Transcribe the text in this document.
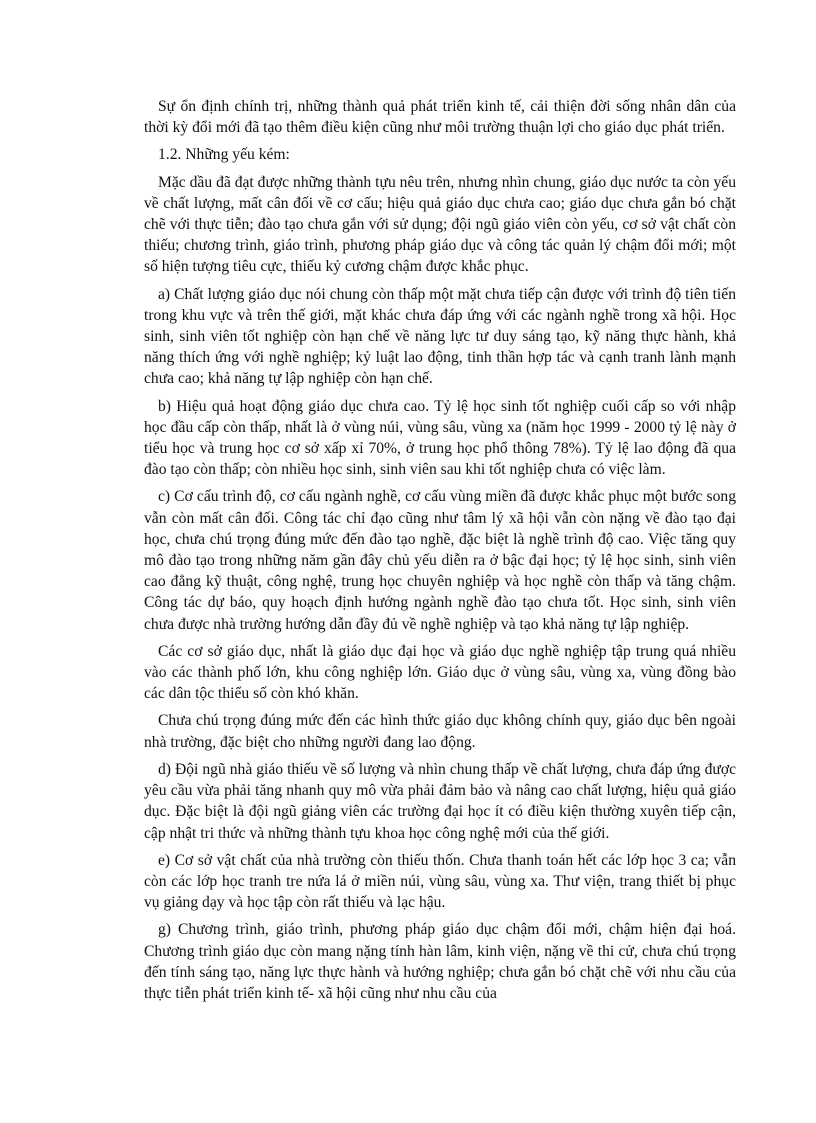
Sự ổn định chính trị, những thành quả phát triển kinh tế, cải thiện đời sống nhân dân của thời kỳ đổi mới đã tạo thêm điều kiện cũng như môi trường thuận lợi cho giáo dục phát triển.

1.2. Những yếu kém:

Mặc dầu đã đạt được những thành tựu nêu trên, nhưng nhìn chung, giáo dục nước ta còn yếu về chất lượng, mất cân đối về cơ cấu; hiệu quả giáo dục chưa cao; giáo dục chưa gắn bó chặt chẽ với thực tiễn; đào tạo chưa gắn với sử dụng; đội ngũ giáo viên còn yếu, cơ sở vật chất còn thiếu; chương trình, giáo trình, phương pháp giáo dục và công tác quản lý chậm đổi mới; một số hiện tượng tiêu cực, thiếu kỷ cương chậm được khắc phục.

a) Chất lượng giáo dục nói chung còn thấp một mặt chưa tiếp cận được với trình độ tiên tiến trong khu vực và trên thế giới, mặt khác chưa đáp ứng với các ngành nghề trong xã hội. Học sinh, sinh viên tốt nghiệp còn hạn chế về năng lực tư duy sáng tạo, kỹ năng thực hành, khả năng thích ứng với nghề nghiệp; kỷ luật lao động, tinh thần hợp tác và cạnh tranh lành mạnh chưa cao; khả năng tự lập nghiệp còn hạn chế.

b) Hiệu quả hoạt động giáo dục chưa cao. Tỷ lệ học sinh tốt nghiệp cuối cấp so với nhập học đầu cấp còn thấp, nhất là ở vùng núi, vùng sâu, vùng xa (năm học 1999 - 2000 tỷ lệ này ở tiểu học và trung học cơ sở xấp xỉ 70%, ở trung học phổ thông 78%). Tỷ lệ lao động đã qua đào tạo còn thấp; còn nhiều học sinh, sinh viên sau khi tốt nghiệp chưa có việc làm.

c) Cơ cấu trình độ, cơ cấu ngành nghề, cơ cấu vùng miền đã được khắc phục một bước song vẫn còn mất cân đối. Công tác chỉ đạo cũng như tâm lý xã hội vẫn còn nặng về đào tạo đại học, chưa chú trọng đúng mức đến đào tạo nghề, đặc biệt là nghề trình độ cao. Việc tăng quy mô đào tạo trong những năm gần đây chủ yếu diễn ra ở bậc đại học; tỷ lệ học sinh, sinh viên cao đẳng kỹ thuật, công nghệ, trung học chuyên nghiệp và học nghề còn thấp và tăng chậm. Công tác dự báo, quy hoạch định hướng ngành nghề đào tạo chưa tốt. Học sinh, sinh viên chưa được nhà trường hướng dẫn đầy đủ về nghề nghiệp và tạo khả năng tự lập nghiệp.

Các cơ sở giáo dục, nhất là giáo dục đại học và giáo dục nghề nghiệp tập trung quá nhiều vào các thành phố lớn, khu công nghiệp lớn. Giáo dục ở vùng sâu, vùng xa, vùng đồng bào các dân tộc thiểu số còn khó khăn.

Chưa chú trọng đúng mức đến các hình thức giáo dục không chính quy, giáo dục bên ngoài nhà trường, đặc biệt cho những người đang lao động.

d) Đội ngũ nhà giáo thiếu về số lượng và nhìn chung thấp về chất lượng, chưa đáp ứng được yêu cầu vừa phải tăng nhanh quy mô vừa phải đảm bảo và nâng cao chất lượng, hiệu quả giáo dục. Đặc biệt là đội ngũ giảng viên các trường đại học ít có điều kiện thường xuyên tiếp cận, cập nhật tri thức và những thành tựu khoa học công nghệ mới của thế giới.

e) Cơ sở vật chất của nhà trường còn thiếu thốn. Chưa thanh toán hết các lớp học 3 ca; vẫn còn các lớp học tranh tre nứa lá ở miền núi, vùng sâu, vùng xa. Thư viện, trang thiết bị phục vụ giảng dạy và học tập còn rất thiếu và lạc hậu.

g) Chương trình, giáo trình, phương pháp giáo dục chậm đổi mới, chậm hiện đại hoá. Chương trình giáo dục còn mang nặng tính hàn lâm, kinh viện, nặng về thi cử, chưa chú trọng đến tính sáng tạo, năng lực thực hành và hướng nghiệp; chưa gắn bó chặt chẽ với nhu cầu của thực tiễn phát triển kinh tế- xã hội cũng như nhu cầu của
